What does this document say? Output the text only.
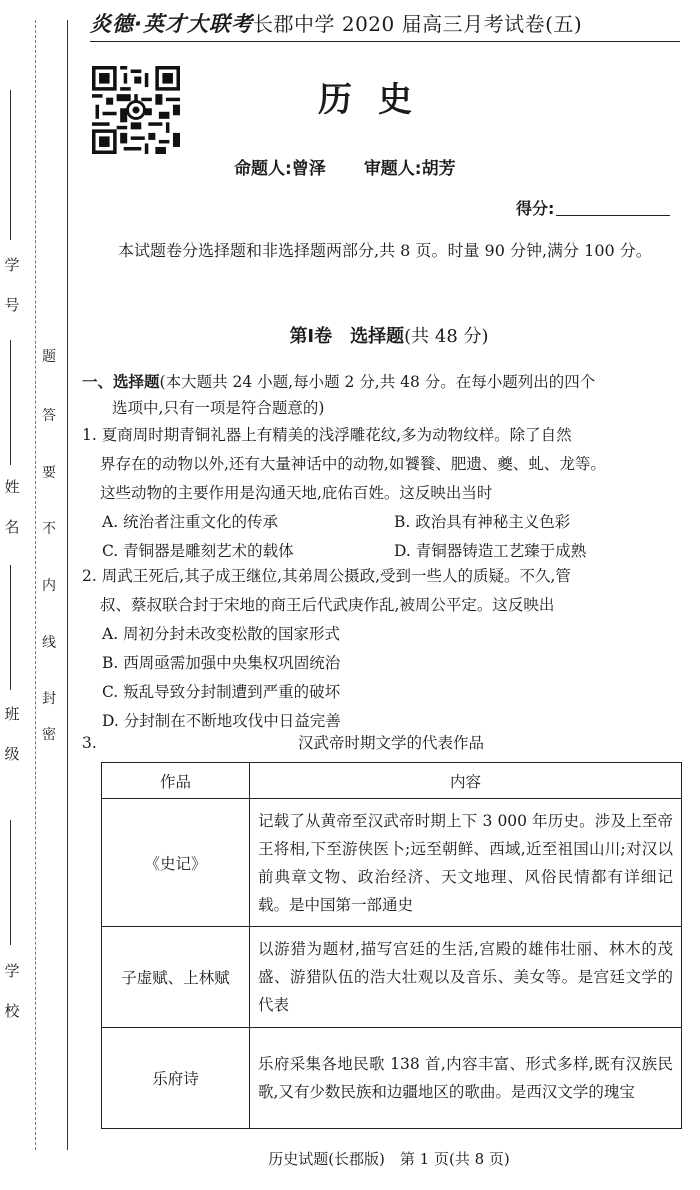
学
号
姓
名
班
级
学
校
题
答
要
不
内
线
封
密
炎德·英才大联考 长郡中学 2020 届高三月考试卷(五)
历史
命题人:曾泽 审题人:胡芳
得分:
本试题卷分选择题和非选择题两部分,共 8 页。时量 90 分钟,满分 100 分。
第Ⅰ卷　选择题(共 48 分)
一、选择题(本大题共 24 小题,每小题 2 分,共 48 分。在每小题列出的四个
选项中,只有一项是符合题意的)
1. 夏商周时期青铜礼器上有精美的浅浮雕花纹,多为动物纹样。除了自然
界存在的动物以外,还有大量神话中的动物,如饕餮、肥遗、夔、虬、龙等。
这些动物的主要作用是沟通天地,庇佑百姓。这反映出当时
A. 统治者注重文化的传承	B. 政治具有神秘主义色彩
C. 青铜器是雕刻艺术的载体	D. 青铜器铸造工艺臻于成熟
2. 周武王死后,其子成王继位,其弟周公摄政,受到一些人的质疑。不久,管
叔、蔡叔联合封于宋地的商王后代武庚作乱,被周公平定。这反映出
A. 周初分封未改变松散的国家形式
B. 西周亟需加强中央集权巩固统治
C. 叛乱导致分封制遭到严重的破坏
D. 分封制在不断地攻伐中日益完善
3.	汉武帝时期文学的代表作品
作品	内容
《史记》	记载了从黄帝至汉武帝时期上下 3 000 年历史。涉及上至帝王将相,下至游侠医卜;远至朝鲜、西域,近至祖国山川;对汉以前典章文物、政治经济、天文地理、风俗民情都有详细记载。是中国第一部通史
子虚赋、上林赋	以游猎为题材,描写宫廷的生活,宫殿的雄伟壮丽、林木的茂盛、游猎队伍的浩大壮观以及音乐、美女等。是宫廷文学的代表
乐府诗	乐府采集各地民歌 138 首,内容丰富、形式多样,既有汉族民歌,又有少数民族和边疆地区的歌曲。是西汉文学的瑰宝
历史试题(长郡版)　第 1 页(共 8 页)
